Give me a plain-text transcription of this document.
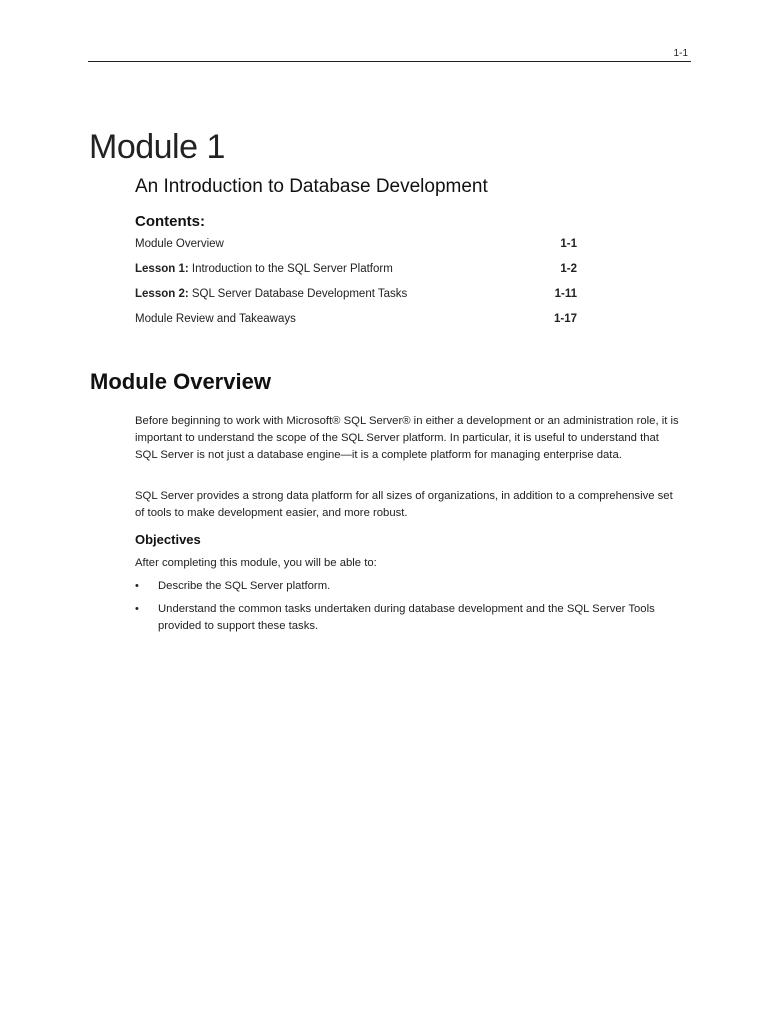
1-1
Module 1
An Introduction to Database Development
Contents:
Module Overview	1-1
Lesson 1: Introduction to the SQL Server Platform	1-2
Lesson 2: SQL Server Database Development Tasks	1-11
Module Review and Takeaways	1-17
Module Overview

Before beginning to work with Microsoft® SQL Server® in either a development or an administration role, it is important to understand the scope of the SQL Server platform. In particular, it is useful to understand that SQL Server is not just a database engine—it is a complete platform for managing enterprise data.

SQL Server provides a strong data platform for all sizes of organizations, in addition to a comprehensive set of tools to make development easier, and more robust.

Objectives

After completing this module, you will be able to:

•	Describe the SQL Server platform.
•	Understand the common tasks undertaken during database development and the SQL Server Tools provided to support these tasks.
